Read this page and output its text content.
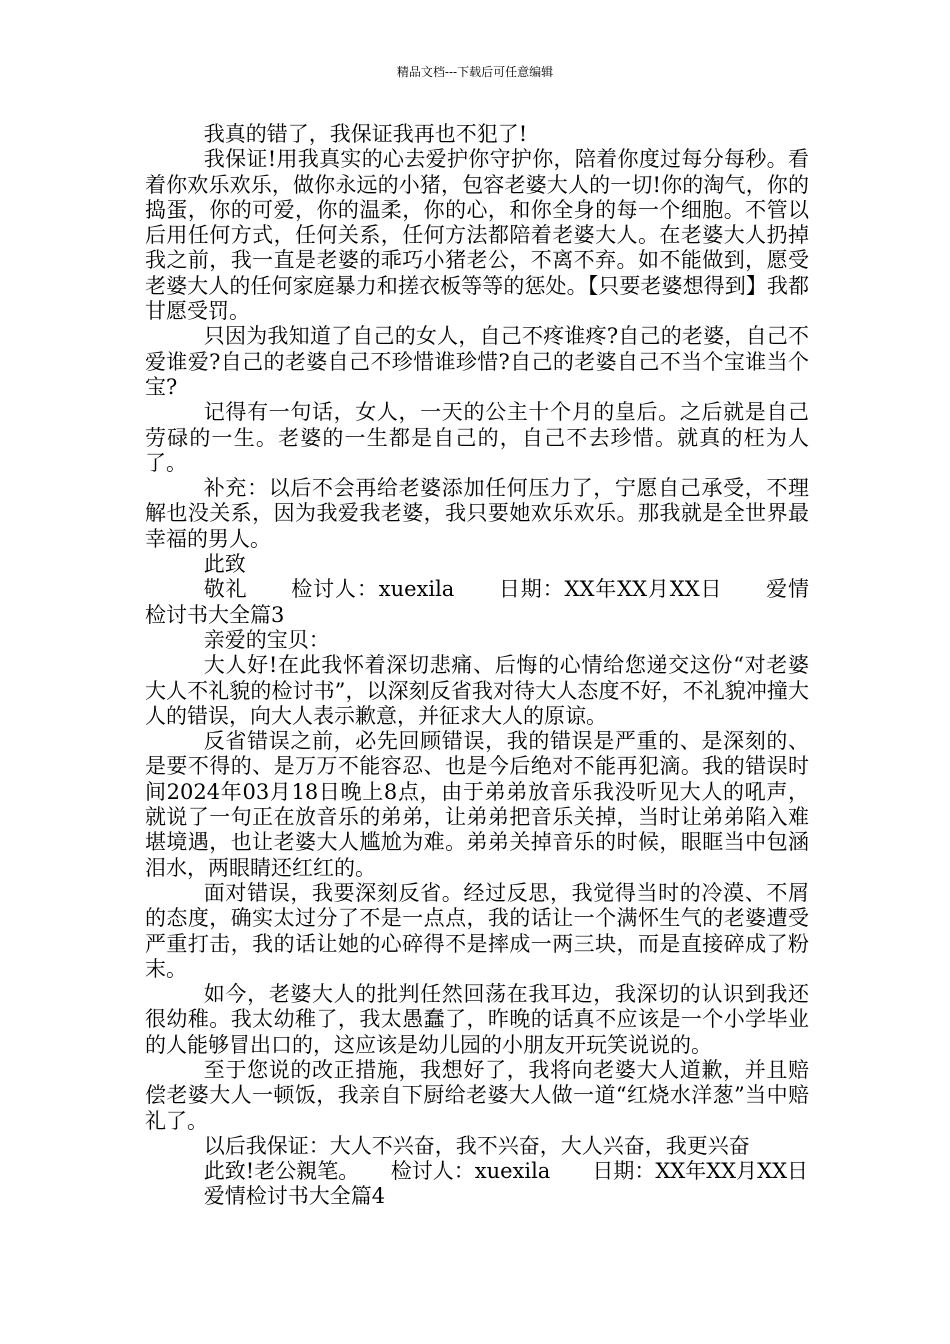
精品文档---下载后可任意编辑

我真的错了，我保证我再也不犯了!

我保证!用我真实的心去爱护你守护你，陪着你度过每分每秒。看着你欢乐欢乐，做你永远的小猪，包容老婆大人的一切!你的淘气，你的捣蛋，你的可爱，你的温柔，你的心，和你全身的每一个细胞。不管以后用任何方式，任何关系，任何方法都陪着老婆大人。在老婆大人扔掉我之前，我一直是老婆的乖巧小猪老公，不离不弃。如不能做到，愿受老婆大人的任何家庭暴力和搓衣板等等的惩处。【只要老婆想得到】我都甘愿受罚。

只因为我知道了自己的女人，自己不疼谁疼?自己的老婆，自己不爱谁爱?自己的老婆自己不珍惜谁珍惜?自己的老婆自己不当个宝谁当个宝?

记得有一句话，女人，一天的公主十个月的皇后。之后就是自己劳碌的一生。老婆的一生都是自己的，自己不去珍惜。就真的枉为人了。

补充：以后不会再给老婆添加任何压力了，宁愿自己承受，不理解也没关系，因为我爱我老婆，我只要她欢乐欢乐。那我就是全世界最幸福的男人。

此致

敬礼　　检讨人：xuexila　　日期：XX年XX月XX日　　爱情检讨书大全篇3

亲爱的宝贝：

大人好!在此我怀着深切悲痛、后悔的心情给您递交这份“对老婆大人不礼貌的检讨书”，以深刻反省我对待大人态度不好，不礼貌冲撞大人的错误，向大人表示歉意，并征求大人的原谅。

反省错误之前，必先回顾错误，我的错误是严重的、是深刻的、是要不得的、是万万不能容忍、也是今后绝对不能再犯滴。我的错误时间2024年03月18日晚上8点，由于弟弟放音乐我没听见大人的吼声，就说了一句正在放音乐的弟弟，让弟弟把音乐关掉，当时让弟弟陷入难堪境遇，也让老婆大人尴尬为难。弟弟关掉音乐的时候，眼眶当中包涵泪水，两眼睛还红红的。

面对错误，我要深刻反省。经过反思，我觉得当时的冷漠、不屑的态度，确实太过分了不是一点点，我的话让一个满怀生气的老婆遭受严重打击，我的话让她的心碎得不是摔成一两三块，而是直接碎成了粉末。

如今，老婆大人的批判任然回荡在我耳边，我深切的认识到我还很幼稚。我太幼稚了，我太愚蠢了，昨晚的话真不应该是一个小学毕业的人能够冒出口的，这应该是幼儿园的小朋友开玩笑说说的。

至于您说的改正措施，我想好了，我将向老婆大人道歉，并且赔偿老婆大人一顿饭，我亲自下厨给老婆大人做一道“红烧水洋葱”当中赔礼了。

以后我保证：大人不兴奋，我不兴奋，大人兴奋，我更兴奋

此致!老公親笔。　　检讨人：xuexila　　日期：XX年XX月XX日

爱情检讨书大全篇4
